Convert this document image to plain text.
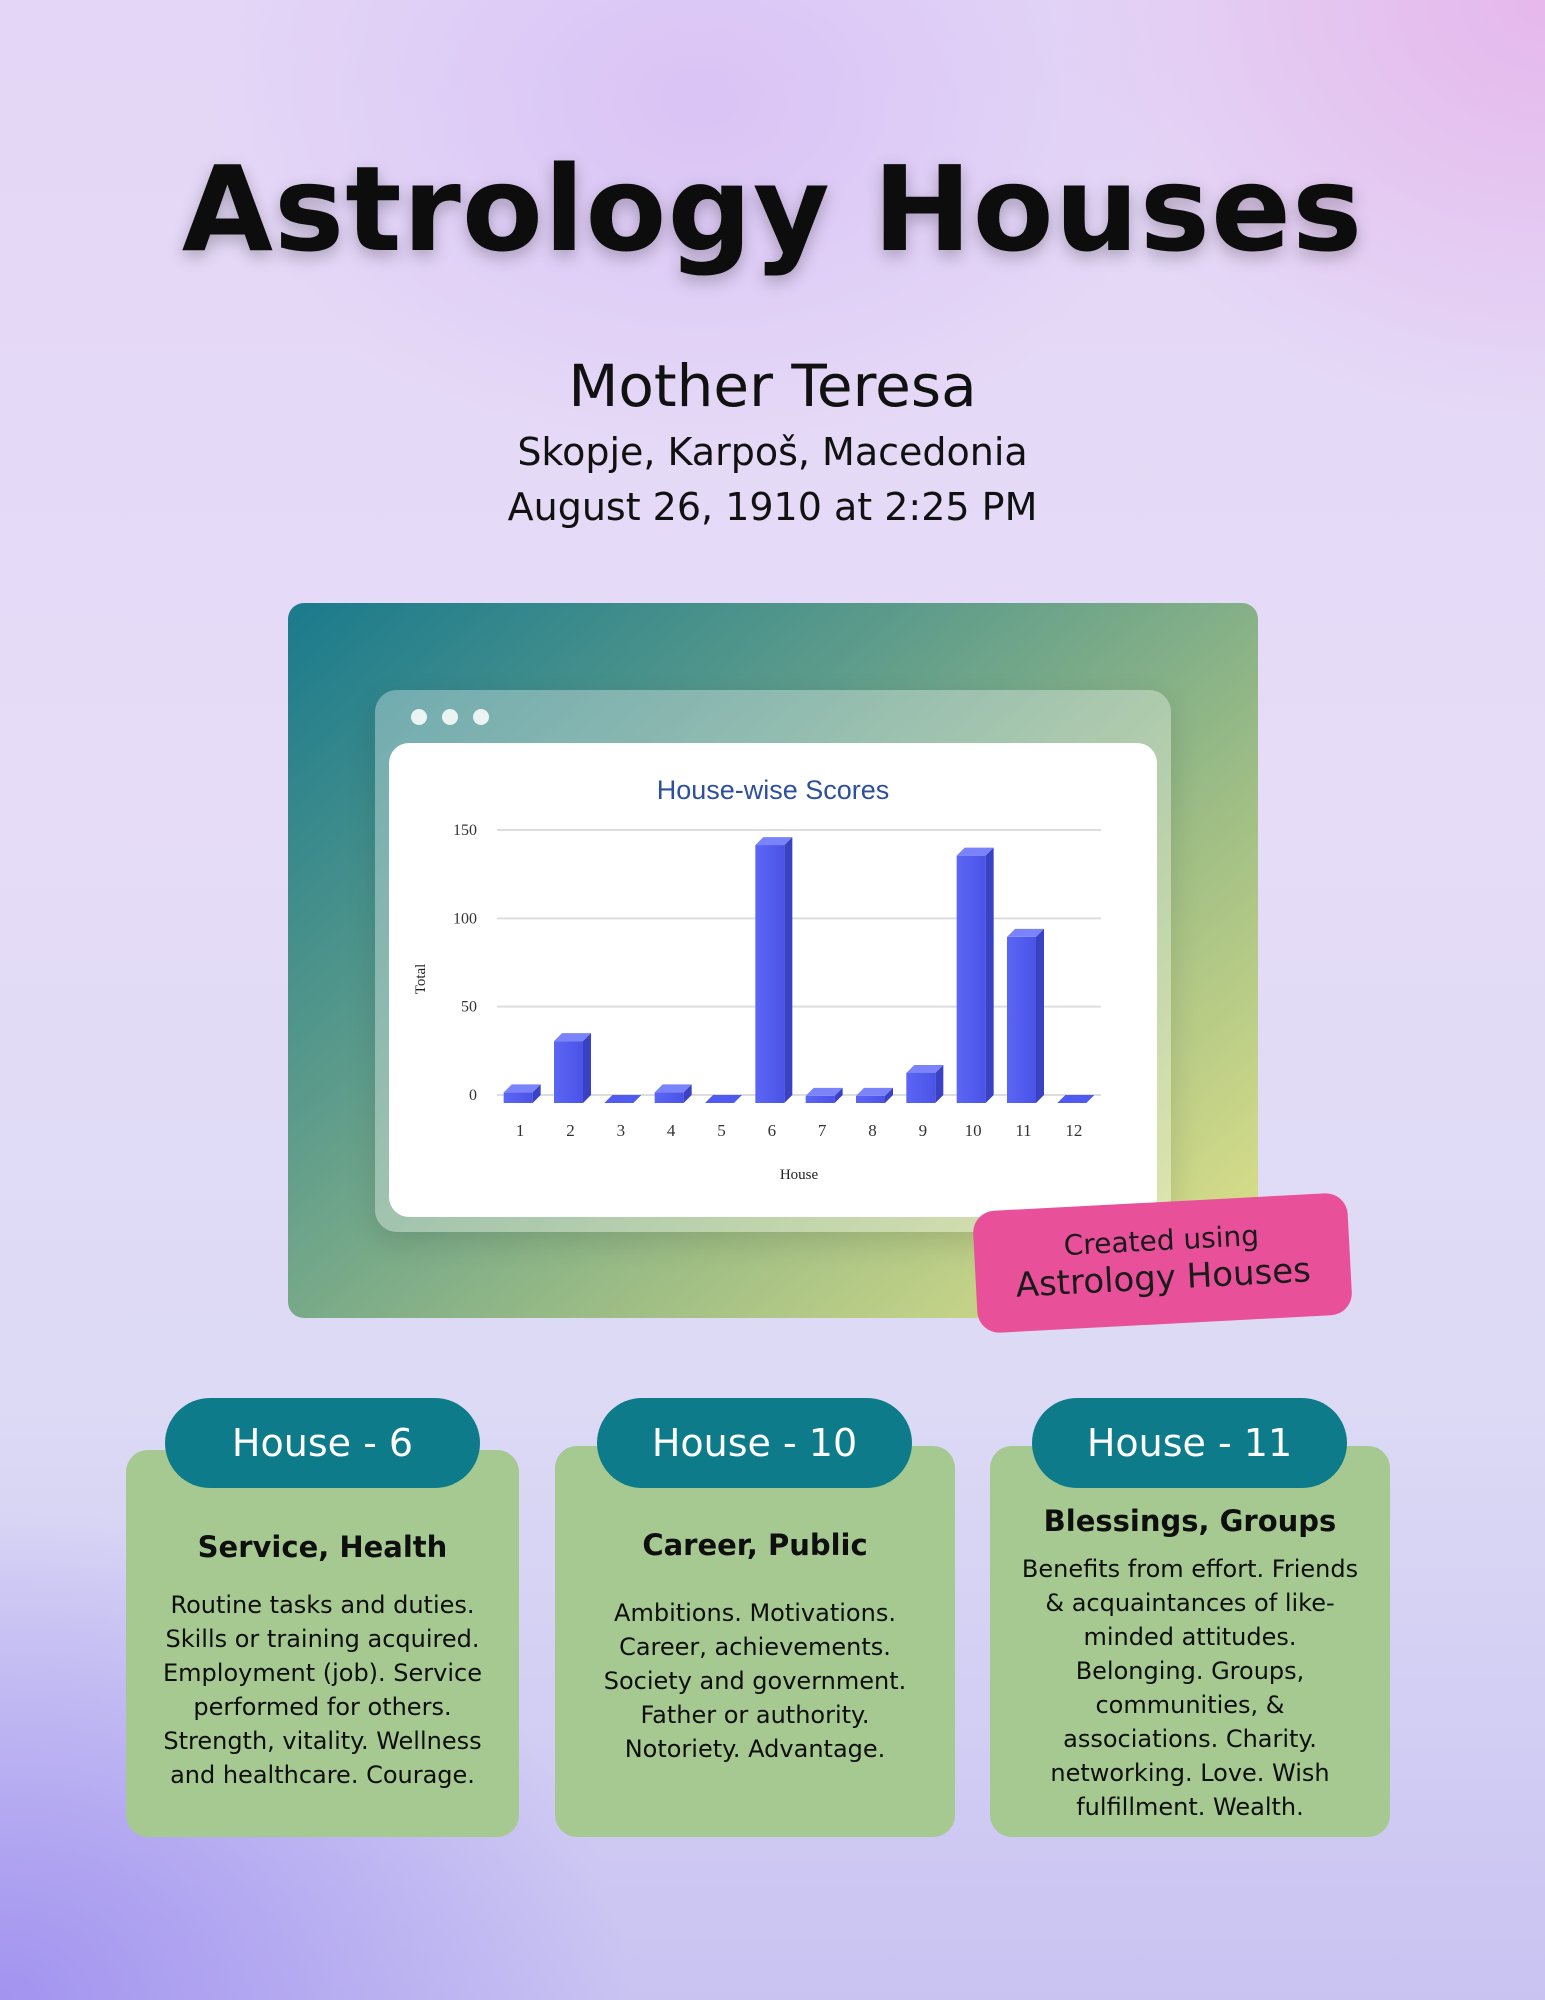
Astrology Houses
Mother Teresa
Skopje, Karpoš, Macedonia
August 26, 1910 at 2:25 PM
House-wise Scores
0
50
100
150
1 2 3 4 5 6 7 8 9 10 11 12
House
Total
Created using
Astrology Houses
Service, Health
Routine tasks and duties.
Skills or training acquired.
Employment (job). Service
performed for others.
Strength, vitality. Wellness
and healthcare. Courage.
House - 6
Career, Public
Ambitions. Motivations.
Career, achievements.
Society and government.
Father or authority.
Notoriety. Advantage.
House - 10
Blessings, Groups
Benefits from effort. Friends
& acquaintances of like-
minded attitudes.
Belonging. Groups,
communities, &
associations. Charity.
networking. Love. Wish
fulfillment. Wealth.
House - 11
